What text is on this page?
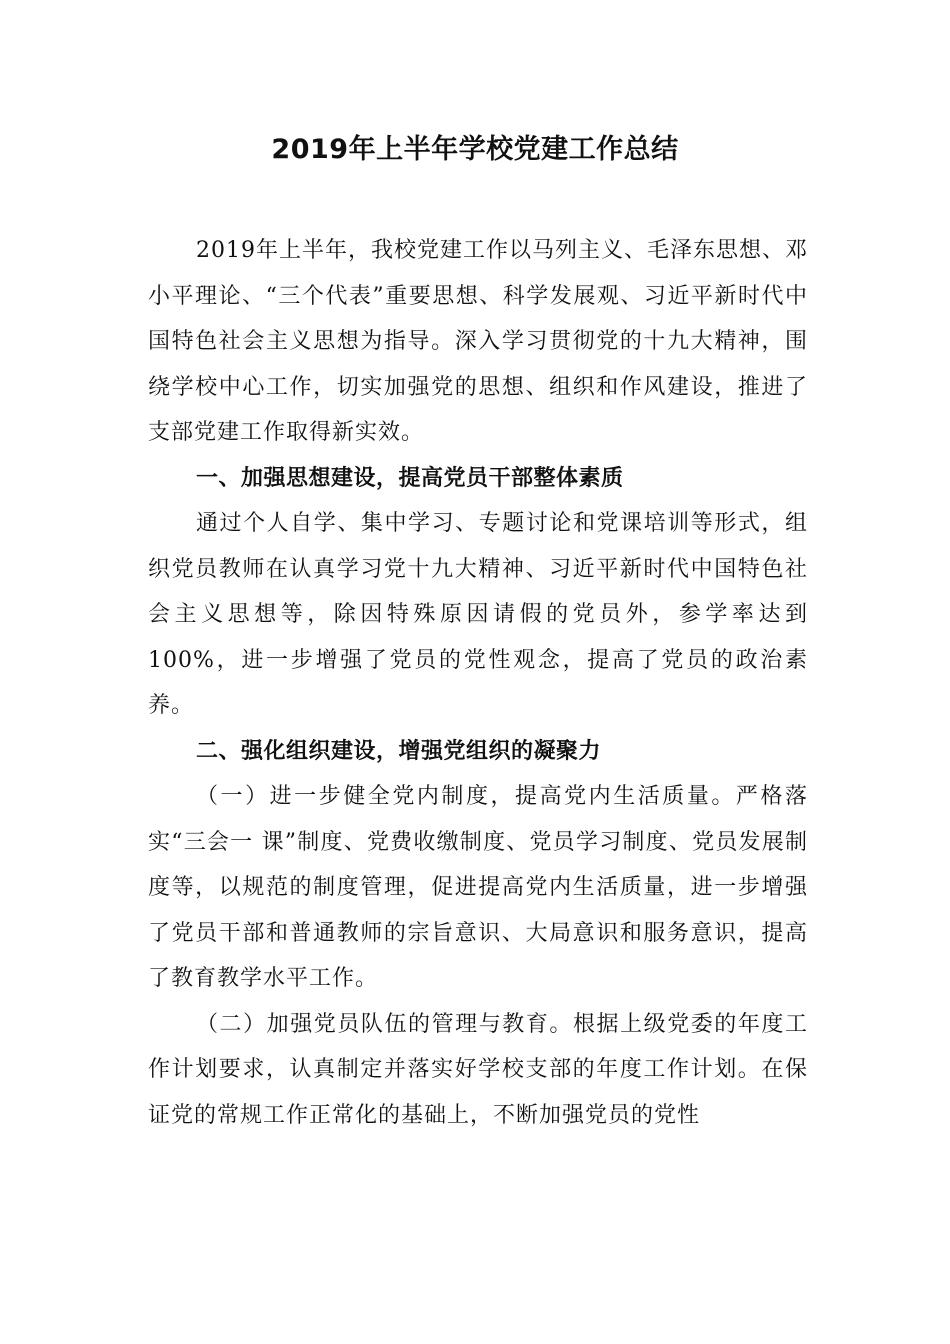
2019年上半年学校党建工作总结

2019年上半年，我校党建工作以马列主义、毛泽东思想、邓小平理论、“三个代表”重要思想、科学发展观、习近平新时代中国特色社会主义思想为指导。深入学习贯彻党的十九大精神，围绕学校中心工作，切实加强党的思想、组织和作风建设，推进了支部党建工作取得新实效。

一、加强思想建设，提高党员干部整体素质

通过个人自学、集中学习、专题讨论和党课培训等形式，组织党员教师在认真学习党十九大精神、习近平新时代中国特色社会主义思想等，除因特殊原因请假的党员外，参学率达到100%，进一步增强了党员的党性观念，提高了党员的政治素养。

二、强化组织建设，增强党组织的凝聚力

（一）进一步健全党内制度，提高党内生活质量。严格落实“三会一 课”制度、党费收缴制度、党员学习制度、党员发展制度等，以规范的制度管理，促进提高党内生活质量，进一步增强了党员干部和普通教师的宗旨意识、大局意识和服务意识，提高了教育教学水平工作。

（二）加强党员队伍的管理与教育。根据上级党委的年度工作计划要求，认真制定并落实好学校支部的年度工作计划。在保证党的常规工作正常化的基础上，不断加强党员的党性
